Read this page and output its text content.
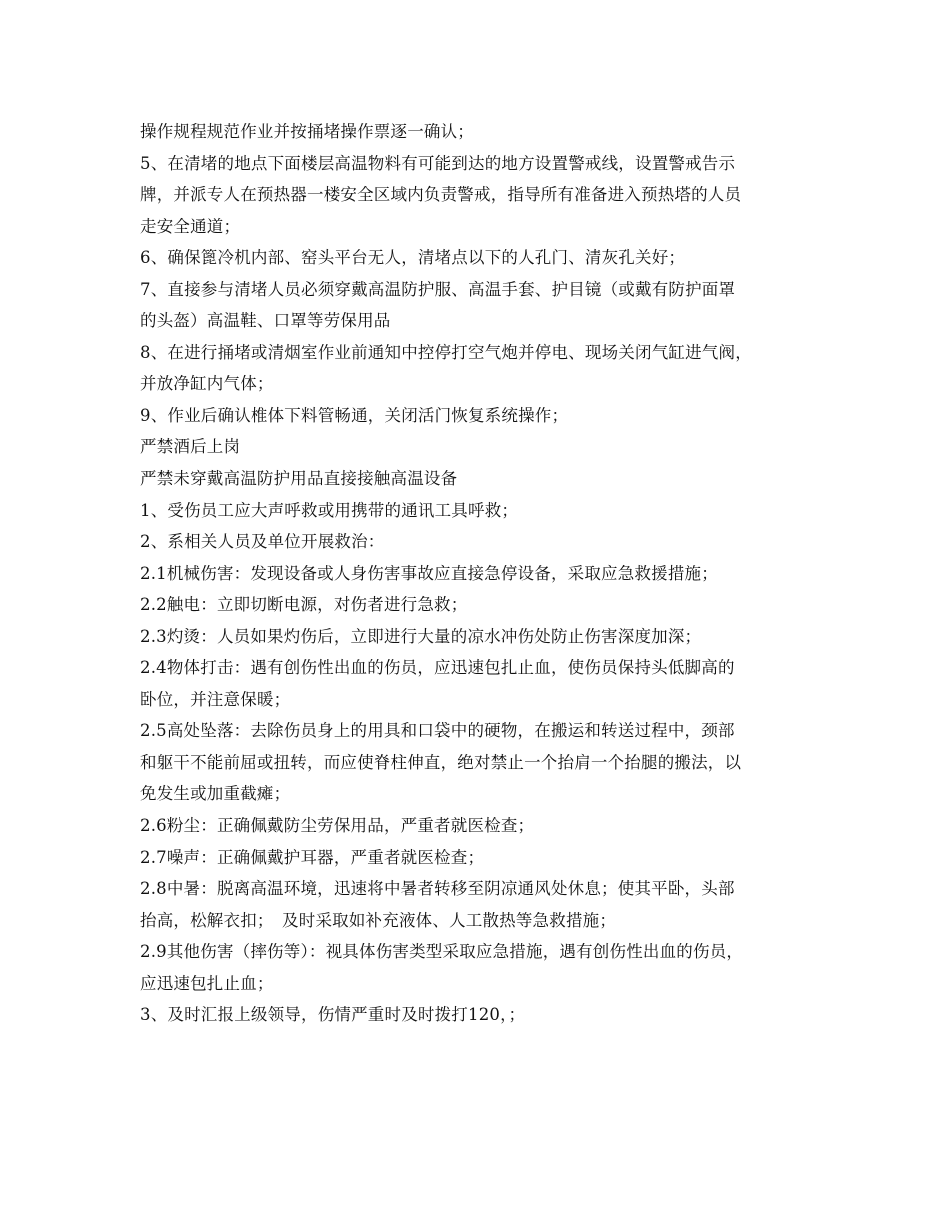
操作规程规范作业并按捅堵操作票逐一确认；
5、在清堵的地点下面楼层高温物料有可能到达的地方设置警戒线，设置警戒告示
牌，并派专人在预热器一楼安全区域内负责警戒，指导所有准备进入预热塔的人员
走安全通道；
6、确保篦冷机内部、窑头平台无人，清堵点以下的人孔门、清灰孔关好；
7、直接参与清堵人员必须穿戴高温防护服、高温手套、护目镜（或戴有防护面罩
的头盔）高温鞋、口罩等劳保用品
8、在进行捅堵或清烟室作业前通知中控停打空气炮并停电、现场关闭气缸进气阀，
并放净缸内气体；
9、作业后确认椎体下料管畅通，关闭活门恢复系统操作；
严禁酒后上岗
严禁未穿戴高温防护用品直接接触高温设备
1、受伤员工应大声呼救或用携带的通讯工具呼救；
2、系相关人员及单位开展救治：
2.1机械伤害：发现设备或人身伤害事故应直接急停设备，采取应急救援措施；
2.2触电：立即切断电源，对伤者进行急救；
2.3灼烫：人员如果灼伤后，立即进行大量的凉水冲伤处防止伤害深度加深；
2.4物体打击：遇有创伤性出血的伤员，应迅速包扎止血，使伤员保持头低脚高的
卧位，并注意保暖；
2.5高处坠落：去除伤员身上的用具和口袋中的硬物，在搬运和转送过程中，颈部
和躯干不能前屈或扭转，而应使脊柱伸直，绝对禁止一个抬肩一个抬腿的搬法，以
免发生或加重截瘫；
2.6粉尘：正确佩戴防尘劳保用品，严重者就医检查；
2.7噪声：正确佩戴护耳器，严重者就医检查；
2.8中暑：脱离高温环境，迅速将中暑者转移至阴凉通风处休息；使其平卧，头部
抬高，松解衣扣；　及时采取如补充液体、人工散热等急救措施；
2.9其他伤害（摔伤等）：视具体伤害类型采取应急措施，遇有创伤性出血的伤员，
应迅速包扎止血；
3、及时汇报上级领导，伤情严重时及时拨打120，；
